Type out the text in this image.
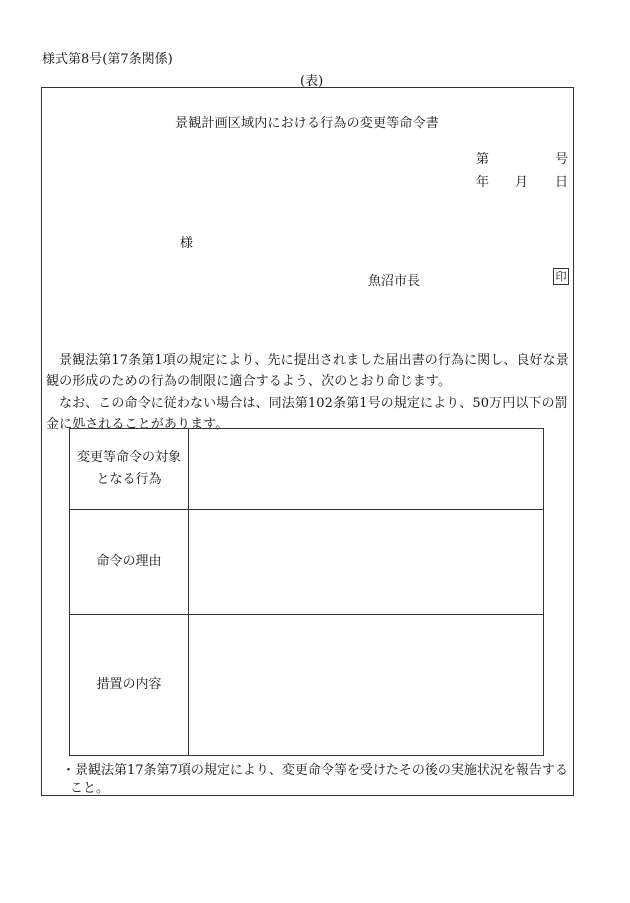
様式第8号(第7条関係)
(表)
景観計画区域内における行為の変更等命令書
第	号
年 月 日
様
魚沼市長	印
景観法第17条第1項の規定により、先に提出されました届出書の行為に関し、良好な景
観の形成のための行為の制限に適合するよう、次のとおり命じます。
なお、この命令に従わない場合は、同法第102条第1号の規定により、50万円以下の罰
金に処されることがあります。
変更等命令の対象
となる行為	

命令の理由	

措置の内容	

・景観法第17条第7項の規定により、変更命令等を受けたその後の実施状況を報告する
こと。
